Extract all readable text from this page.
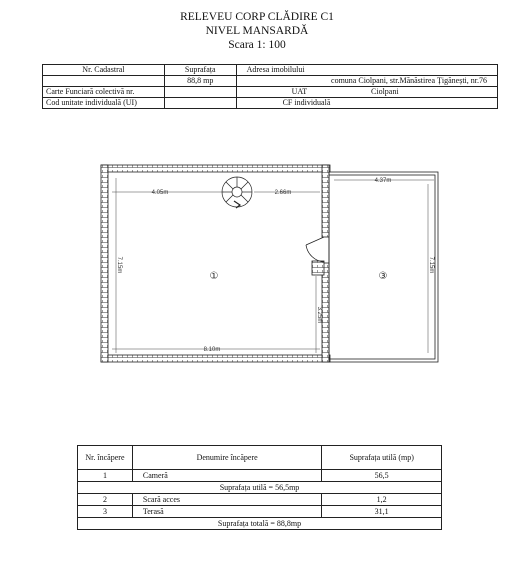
RELEVEU CORP CLĂDIRE C1
NIVEL MANSARDĂ
Scara 1: 100
Nr. Cadastral	Suprafața	Adresa imobilului
	88,8 mp	comuna Ciolpani, str.Mănăstirea Țigănești, nr.76
Carte Funciară colectivă nr.		UAT Ciolpani
Cod unitate individuală (UI)		CF individuală
4.05m	2.66m
4.37m
7.15m	7.15m
3.25m
8.10m
①	③
Nr. încăpere	Denumire încăpere	Suprafața utilă (mp)
1	Cameră	56,5
Suprafața utilă = 56,5mp		
2	Scară acces	1,2
3	Terasă	31,1
Suprafața totală = 88,8mp		
